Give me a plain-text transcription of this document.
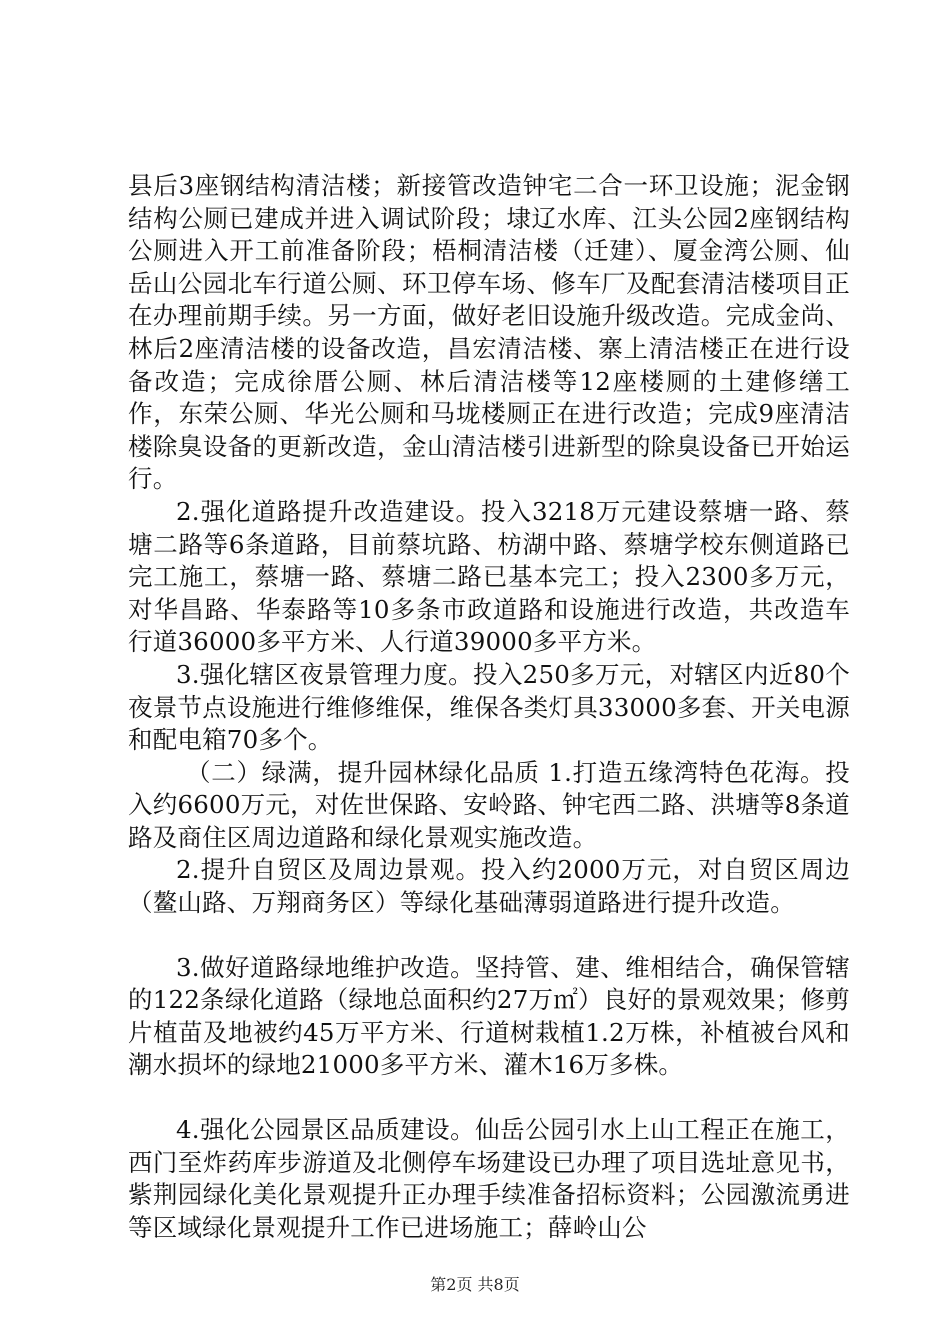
县后3座钢结构清洁楼；新接管改造钟宅二合一环卫设施；泥金钢结构公厕已建成并进入调试阶段；埭辽水库、江头公园2座钢结构公厕进入开工前准备阶段；梧桐清洁楼（迁建）、厦金湾公厕、仙岳山公园北车行道公厕、环卫停车场、修车厂及配套清洁楼项目正在办理前期手续。另一方面，做好老旧设施升级改造。完成金尚、林后2座清洁楼的设备改造，昌宏清洁楼、寨上清洁楼正在进行设备改造；完成徐厝公厕、林后清洁楼等12座楼厕的土建修缮工作，东荣公厕、华光公厕和马垅楼厕正在进行改造；完成9座清洁楼除臭设备的更新改造，金山清洁楼引进新型的除臭设备已开始运行。

2.强化道路提升改造建设。投入3218万元建设蔡塘一路、蔡塘二路等6条道路，目前蔡坑路、枋湖中路、蔡塘学校东侧道路已完工施工，蔡塘一路、蔡塘二路已基本完工；投入2300多万元，对华昌路、华泰路等10多条市政道路和设施进行改造，共改造车行道36000多平方米、人行道39000多平方米。

3.强化辖区夜景管理力度。投入250多万元，对辖区内近80个夜景节点设施进行维修维保，维保各类灯具33000多套、开关电源和配电箱70多个。

（二）绿满，提升园林绿化品质 1.打造五缘湾特色花海。投入约6600万元，对佐世保路、安岭路、钟宅西二路、洪塘等8条道路及商住区周边道路和绿化景观实施改造。

2.提升自贸区及周边景观。投入约2000万元，对自贸区周边（鳌山路、万翔商务区）等绿化基础薄弱道路进行提升改造。

3.做好道路绿地维护改造。坚持管、建、维相结合，确保管辖的122条绿化道路（绿地总面积约27万㎡）良好的景观效果；修剪片植苗及地被约45万平方米、行道树栽植1.2万株，补植被台风和潮水损坏的绿地21000多平方米、灌木16万多株。

4.强化公园景区品质建设。仙岳公园引水上山工程正在施工，西门至炸药库步游道及北侧停车场建设已办理了项目选址意见书，紫荆园绿化美化景观提升正办理手续准备招标资料；公园激流勇进等区域绿化景观提升工作已进场施工；薛岭山公

第2页 共8页
